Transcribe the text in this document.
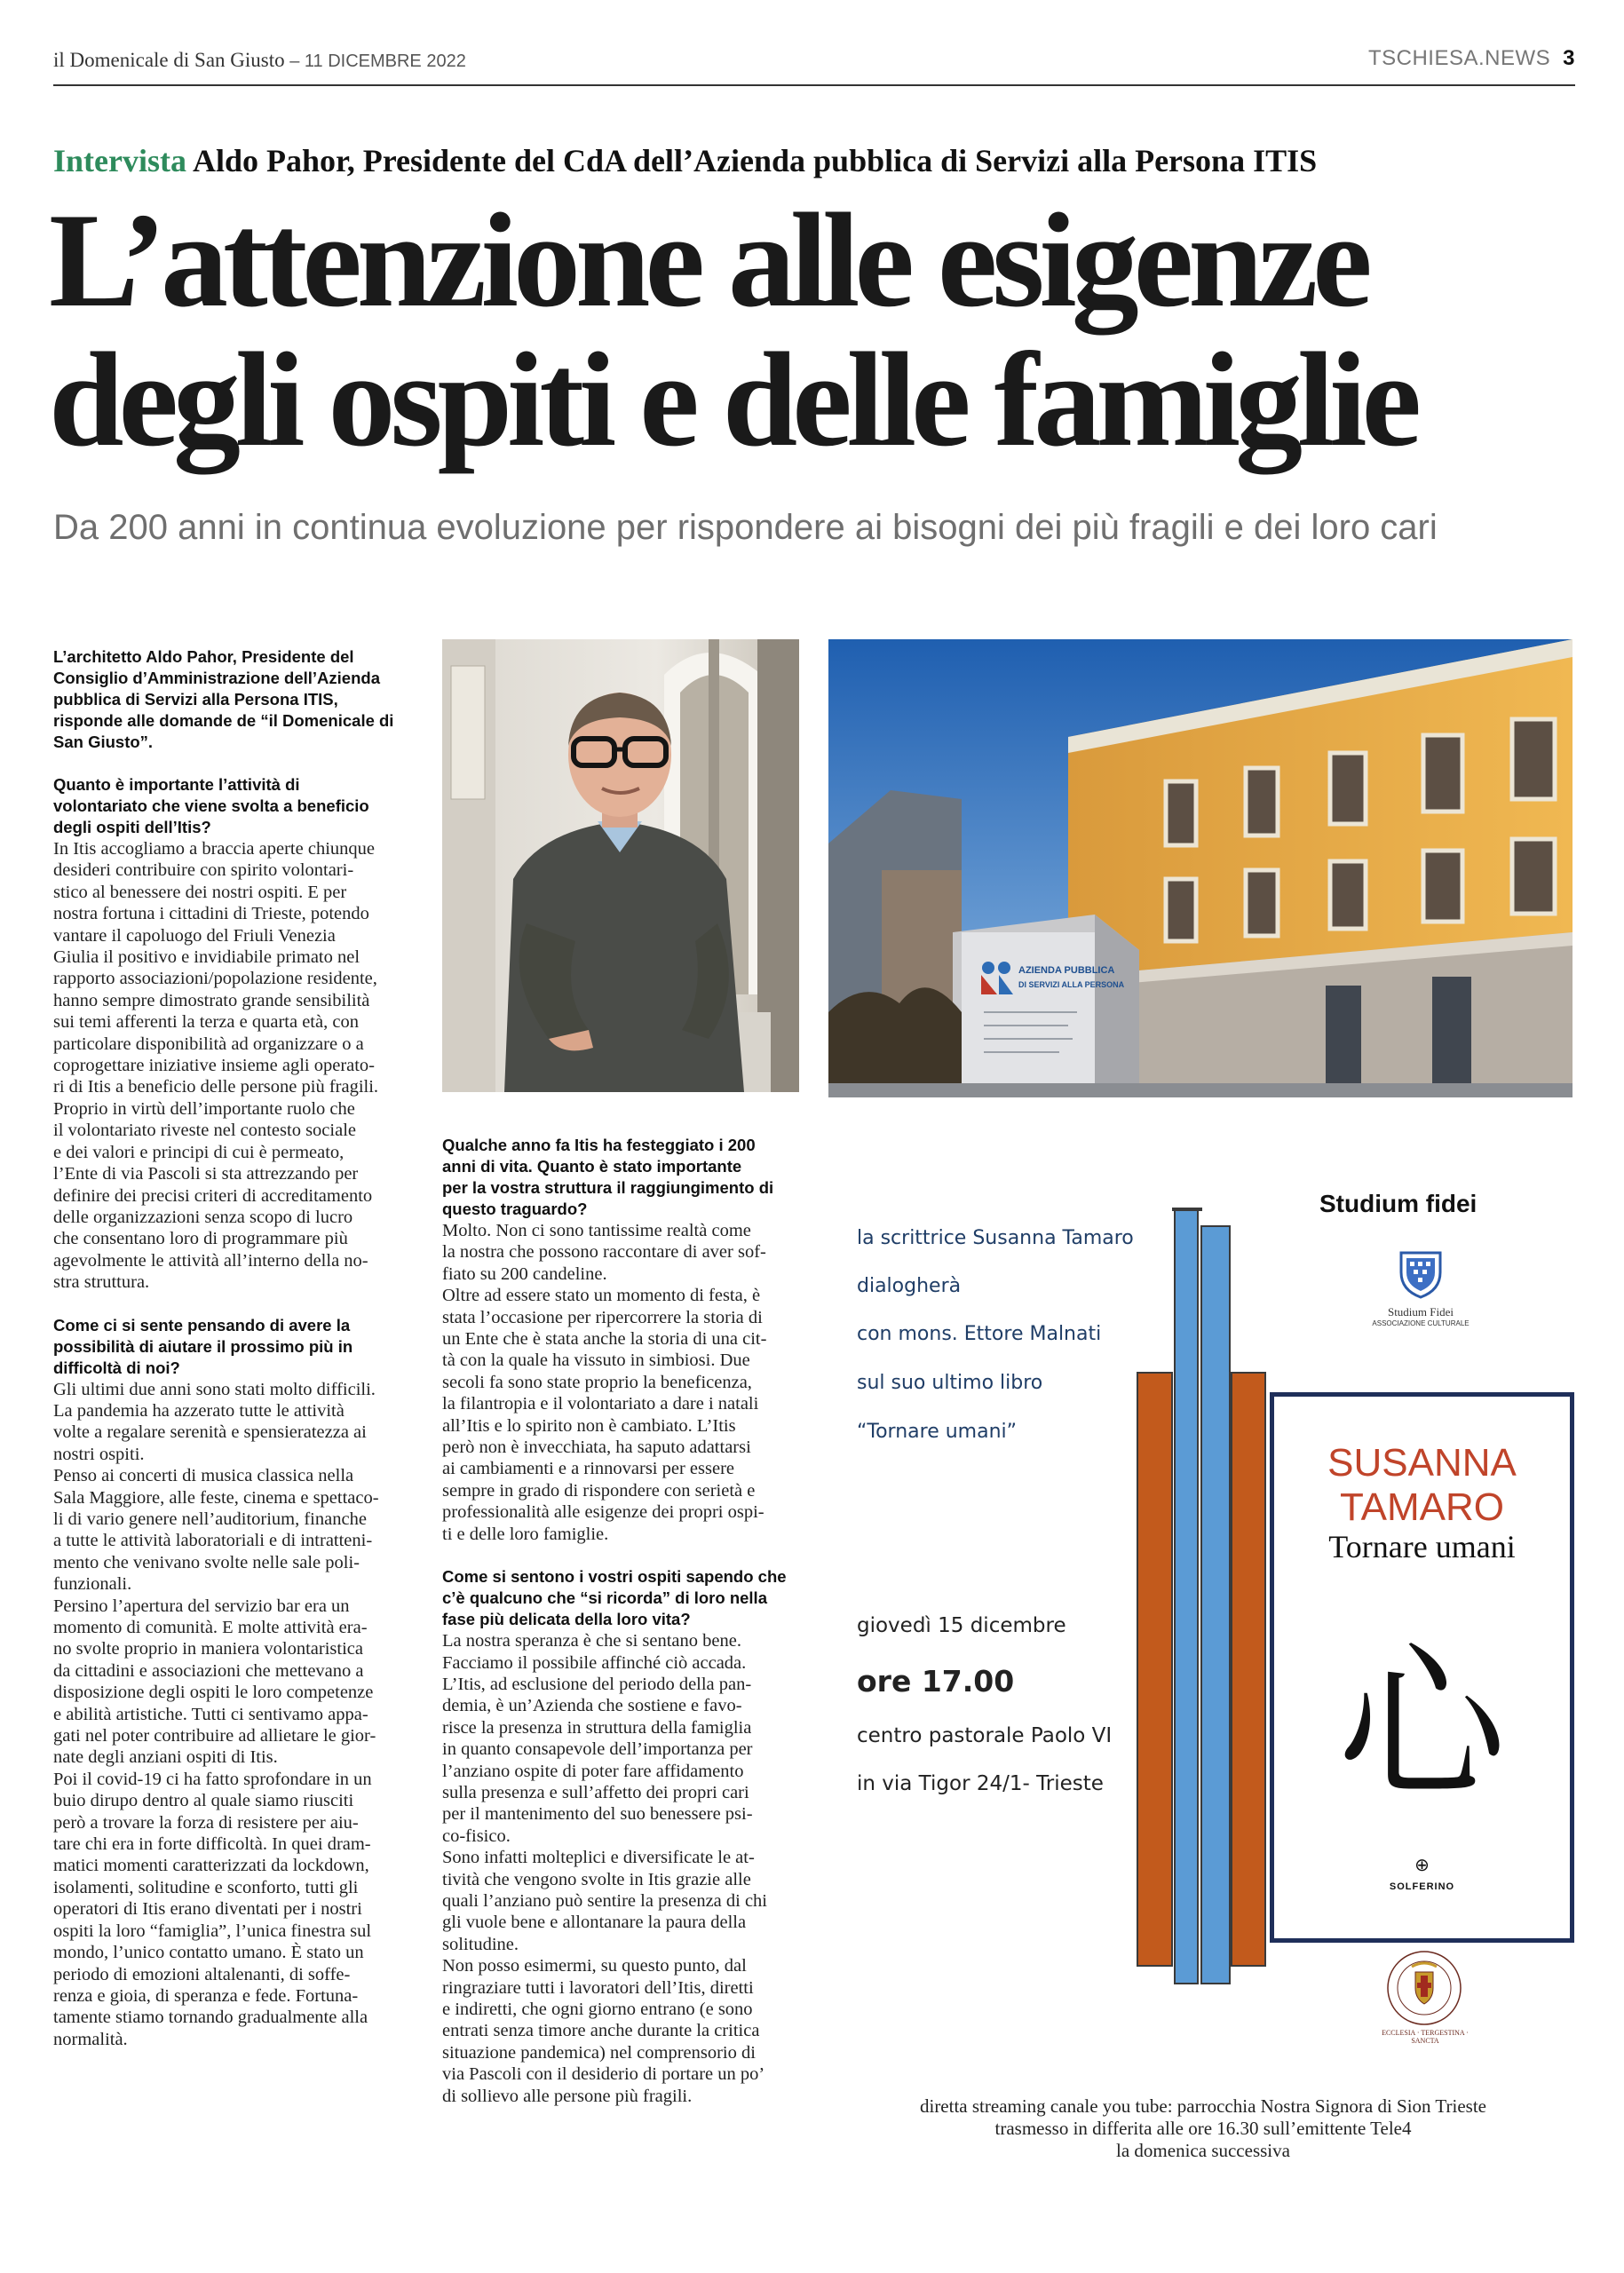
il Domenicale di San Giusto – 11 DICEMBRE 2022	TSCHIESA.NEWS 3
Intervista Aldo Pahor, Presidente del CdA dell’Azienda pubblica di Servizi alla Persona ITIS
L’attenzione alle esigenze
degli ospiti e delle famiglie
Da 200 anni in continua evoluzione per rispondere ai bisogni dei più fragili e dei loro cari

L’architetto Aldo Pahor, Presidente del
Consiglio d’Amministrazione dell’Azienda
pubblica di Servizi alla Persona ITIS,
risponde alle domande de “il Domenicale di
San Giusto”.

Quanto è importante l’attività di
volontariato che viene svolta a beneficio
degli ospiti dell’Itis?

In Itis accogliamo a braccia aperte chiunque
desideri contribuire con spirito volontari-
stico al benessere dei nostri ospiti. E per
nostra fortuna i cittadini di Trieste, potendo
vantare il capoluogo del Friuli Venezia
Giulia il positivo e invidiabile primato nel
rapporto associazioni/popolazione residente,
hanno sempre dimostrato grande sensibilità
sui temi afferenti la terza e quarta età, con
particolare disponibilità ad organizzare o a
coprogettare iniziative insieme agli operato-
ri di Itis a beneficio delle persone più fragili.
Proprio in virtù dell’importante ruolo che
il volontariato riveste nel contesto sociale
e dei valori e principi di cui è permeato,
l’Ente di via Pascoli si sta attrezzando per
definire dei precisi criteri di accreditamento
delle organizzazioni senza scopo di lucro
che consentano loro di programmare più
agevolmente le attività all’interno della no-
stra struttura.

Come ci si sente pensando di avere la
possibilità di aiutare il prossimo più in
difficoltà di noi?

Gli ultimi due anni sono stati molto difficili.
La pandemia ha azzerato tutte le attività
volte a regalare serenità e spensieratezza ai
nostri ospiti.

Penso ai concerti di musica classica nella
Sala Maggiore, alle feste, cinema e spettaco-
li di vario genere nell’auditorium, finanche
a tutte le attività laboratoriali e di intratteni-
mento che venivano svolte nelle sale poli-
funzionali.

Persino l’apertura del servizio bar era un
momento di comunità. E molte attività era-
no svolte proprio in maniera volontaristica
da cittadini e associazioni che mettevano a
disposizione degli ospiti le loro competenze
e abilità artistiche. Tutti ci sentivamo appa-
gati nel poter contribuire ad allietare le gior-
nate degli anziani ospiti di Itis.

Poi il covid-19 ci ha fatto sprofondare in un
buio dirupo dentro al quale siamo riusciti
però a trovare la forza di resistere per aiu-
tare chi era in forte difficoltà. In quei dram-
matici momenti caratterizzati da lockdown,
isolamenti, solitudine e sconforto, tutti gli
operatori di Itis erano diventati per i nostri
ospiti la loro “famiglia”, l’unica finestra sul
mondo, l’unico contatto umano. È stato un
periodo di emozioni altalenanti, di soffe-
renza e gioia, di speranza e fede. Fortuna-
tamente stiamo tornando gradualmente alla
normalità.

Qualche anno fa Itis ha festeggiato i 200
anni di vita. Quanto è stato importante
per la vostra struttura il raggiungimento di
questo traguardo?

Molto. Non ci sono tantissime realtà come
la nostra che possono raccontare di aver sof-
fiato su 200 candeline.

Oltre ad essere stato un momento di festa, è
stata l’occasione per ripercorrere la storia di
un Ente che è stata anche la storia di una cit-
tà con la quale ha vissuto in simbiosi. Due
secoli fa sono state proprio la beneficenza,
la filantropia e il volontariato a dare i natali
all’Itis e lo spirito non è cambiato. L’Itis
però non è invecchiata, ha saputo adattarsi
ai cambiamenti e a rinnovarsi per essere
sempre in grado di rispondere con serietà e
professionalità alle esigenze dei propri ospi-
ti e delle loro famiglie.

Come si sentono i vostri ospiti sapendo che
c’è qualcuno che “si ricorda” di loro nella
fase più delicata della loro vita?

La nostra speranza è che si sentano bene.
Facciamo il possibile affinché ciò accada.
L’Itis, ad esclusione del periodo della pan-
demia, è un’Azienda che sostiene e favo-
risce la presenza in struttura della famiglia
in quanto consapevole dell’importanza per
l’anziano ospite di poter fare affidamento
sulla presenza e sull’affetto dei propri cari
per il mantenimento del suo benessere psi-
co-fisico.

Sono infatti molteplici e diversificate le at-
tività che vengono svolte in Itis grazie alle
quali l’anziano può sentire la presenza di chi
gli vuole bene e allontanare la paura della
solitudine.

Non posso esimermi, su questo punto, dal
ringraziare tutti i lavoratori dell’Itis, diretti
e indiretti, che ogni giorno entrano (e sono
entrati senza timore anche durante la critica
situazione pandemica) nel comprensorio di
via Pascoli con il desiderio di portare un po’
di sollievo alle persone più fragili.

AZIENDA PUBBLICA
DI SERVIZI ALLA PERSONA
la scrittrice Susanna Tamaro
dialogherà
con mons. Ettore Malnati
sul suo ultimo libro
“Tornare umani”
giovedì 15 dicembre
ore 17.00
centro pastorale Paolo VI
in via Tigor 24/1- Trieste
Studium fidei
Studium Fidei
ASSOCIAZIONE CULTURALE
SUSANNA
TAMARO
Tornare umani
心
⊕
SOLFERINO
ECCLESIA · TERGESTINA · SANCTA
diretta streaming canale you tube: parrocchia Nostra Signora di Sion Trieste
trasmesso in differita alle ore 16.30 sull’emittente Tele4
la domenica successiva
